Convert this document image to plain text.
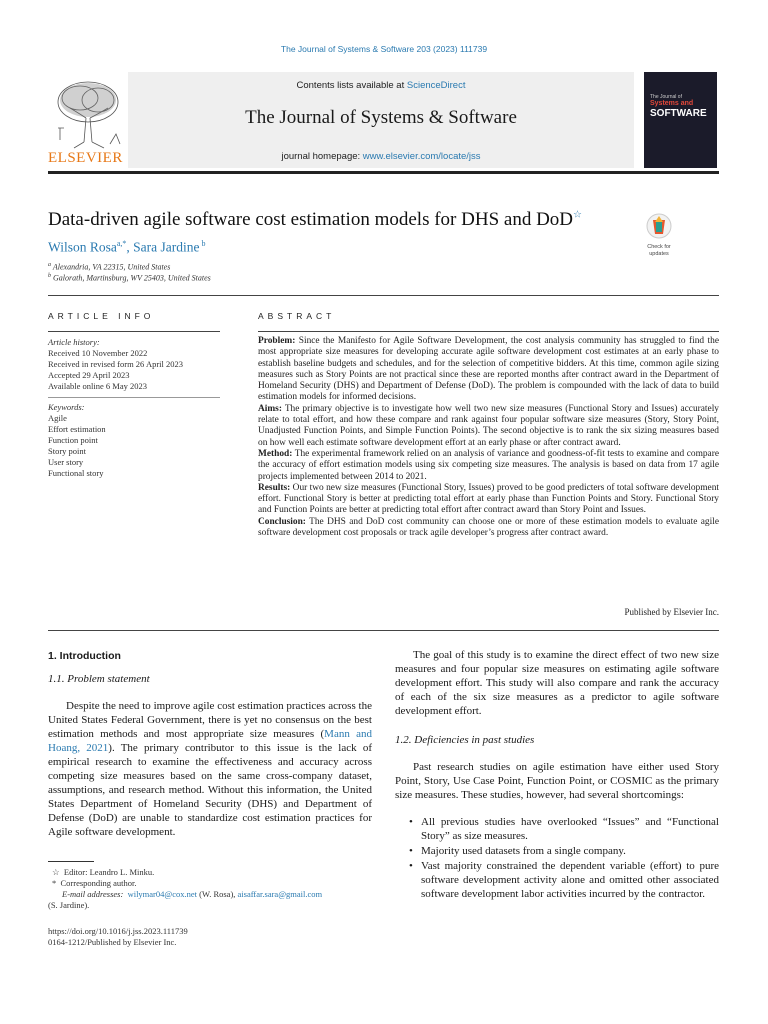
The Journal of Systems & Software 203 (2023) 111739
Contents lists available at ScienceDirect
The Journal of Systems & Software
journal homepage: www.elsevier.com/locate/jss
ELSEVIER
The Journal of
Systems and
SOFTWARE
Data-driven agile software cost estimation models for DHS and DoD☆
Check for
updates
Wilson Rosa$^{a,*}$, Sara Jardine $^b$
$^a$ Alexandria, VA 22315, United States
$^b$ Galorath, Martinsburg, WV 25403, United States
ARTICLE INFO	ABSTRACT
Article history:
Received 10 November 2022
Received in revised form 26 April 2023
Accepted 29 April 2023
Available online 6 May 2023
Keywords:
Agile
Effort estimation
Function point
Story point
User story
Functional story

Problem: Since the Manifesto for Agile Software Development, the cost analysis community has struggled to find the most appropriate size measures for developing accurate agile software development cost estimates at an early phase to establish baseline budgets and schedules, and for the selection of competitive bidders. At this time, common agile sizing measures such as Story Points are not practical since these are reported months after contract award in the Department of Homeland Security (DHS) and Department of Defense (DoD). The problem is compounded with the lack of data to build estimation models for informed decisions.

Aims: The primary objective is to investigate how well two new size measures (Functional Story and Issues) accurately relate to total effort, and how these compare and rank against four popular software size measures (Story, Story Point, Unadjusted Function Points, and Simple Function Points). The second objective is to rank the six sizing measures based on how well each estimate software development effort at an early phase or after contract award.

Method: The experimental framework relied on an analysis of variance and goodness-of-fit tests to examine and compare the accuracy of effort estimation models using six competing size measures. The analysis is based on data from 17 agile projects implemented between 2014 to 2021.

Results: Our two new size measures (Functional Story, Issues) proved to be good predicters of total software development effort. Functional Story is better at predicting total effort at early phase than Function Points and Story. Functional Story and Function Points are better at predicting total effort after contract award than Story Point and Issues.

Conclusion: The DHS and DoD cost community can choose one or more of these estimation models to evaluate agile software development cost proposals or track agile developer’s progress after contract award.

Published by Elsevier Inc.
1. Introduction
1.1. Problem statement

Despite the need to improve agile cost estimation practices across the United States Federal Government, there is yet no consensus on the best estimation methods and most appropriate size measures (Mann and Hoang, 2021). The primary contributor to this issue is the lack of empirical research to examine the effectiveness and accuracy across competing size measures based on the same cross-company dataset, assumptions, and research method. Without this information, the United States Department of Homeland Security (DHS) and Department of Defense (DoD) are unable to standardize cost estimation practices for Agile software development.

☆ Editor: Leandro L. Minku.
* Corresponding author.
E-mail addresses: wilymar04@cox.net (W. Rosa), aisaffar.sara@gmail.com
(S. Jardine).
https://doi.org/10.1016/j.jss.2023.111739
0164-1212/Published by Elsevier Inc.

The goal of this study is to examine the direct effect of two new size measures and four popular size measures on estimating agile software development effort. This study will also compare and rank the accuracy of each of the six size measures as a predictor to agile software development effort.

1.2. Deficiencies in past studies

Past research studies on agile estimation have either used Story Point, Story, Use Case Point, Function Point, or COSMIC as the primary size measures. These studies, however, had several shortcomings:

• All previous studies have overlooked “Issues” and “Functional Story” as size measures.
• Majority used datasets from a single company.
• Vast majority constrained the dependent variable (effort) to pure software development activity alone and omitted other associated software development labor activities incurred by the contractor.
